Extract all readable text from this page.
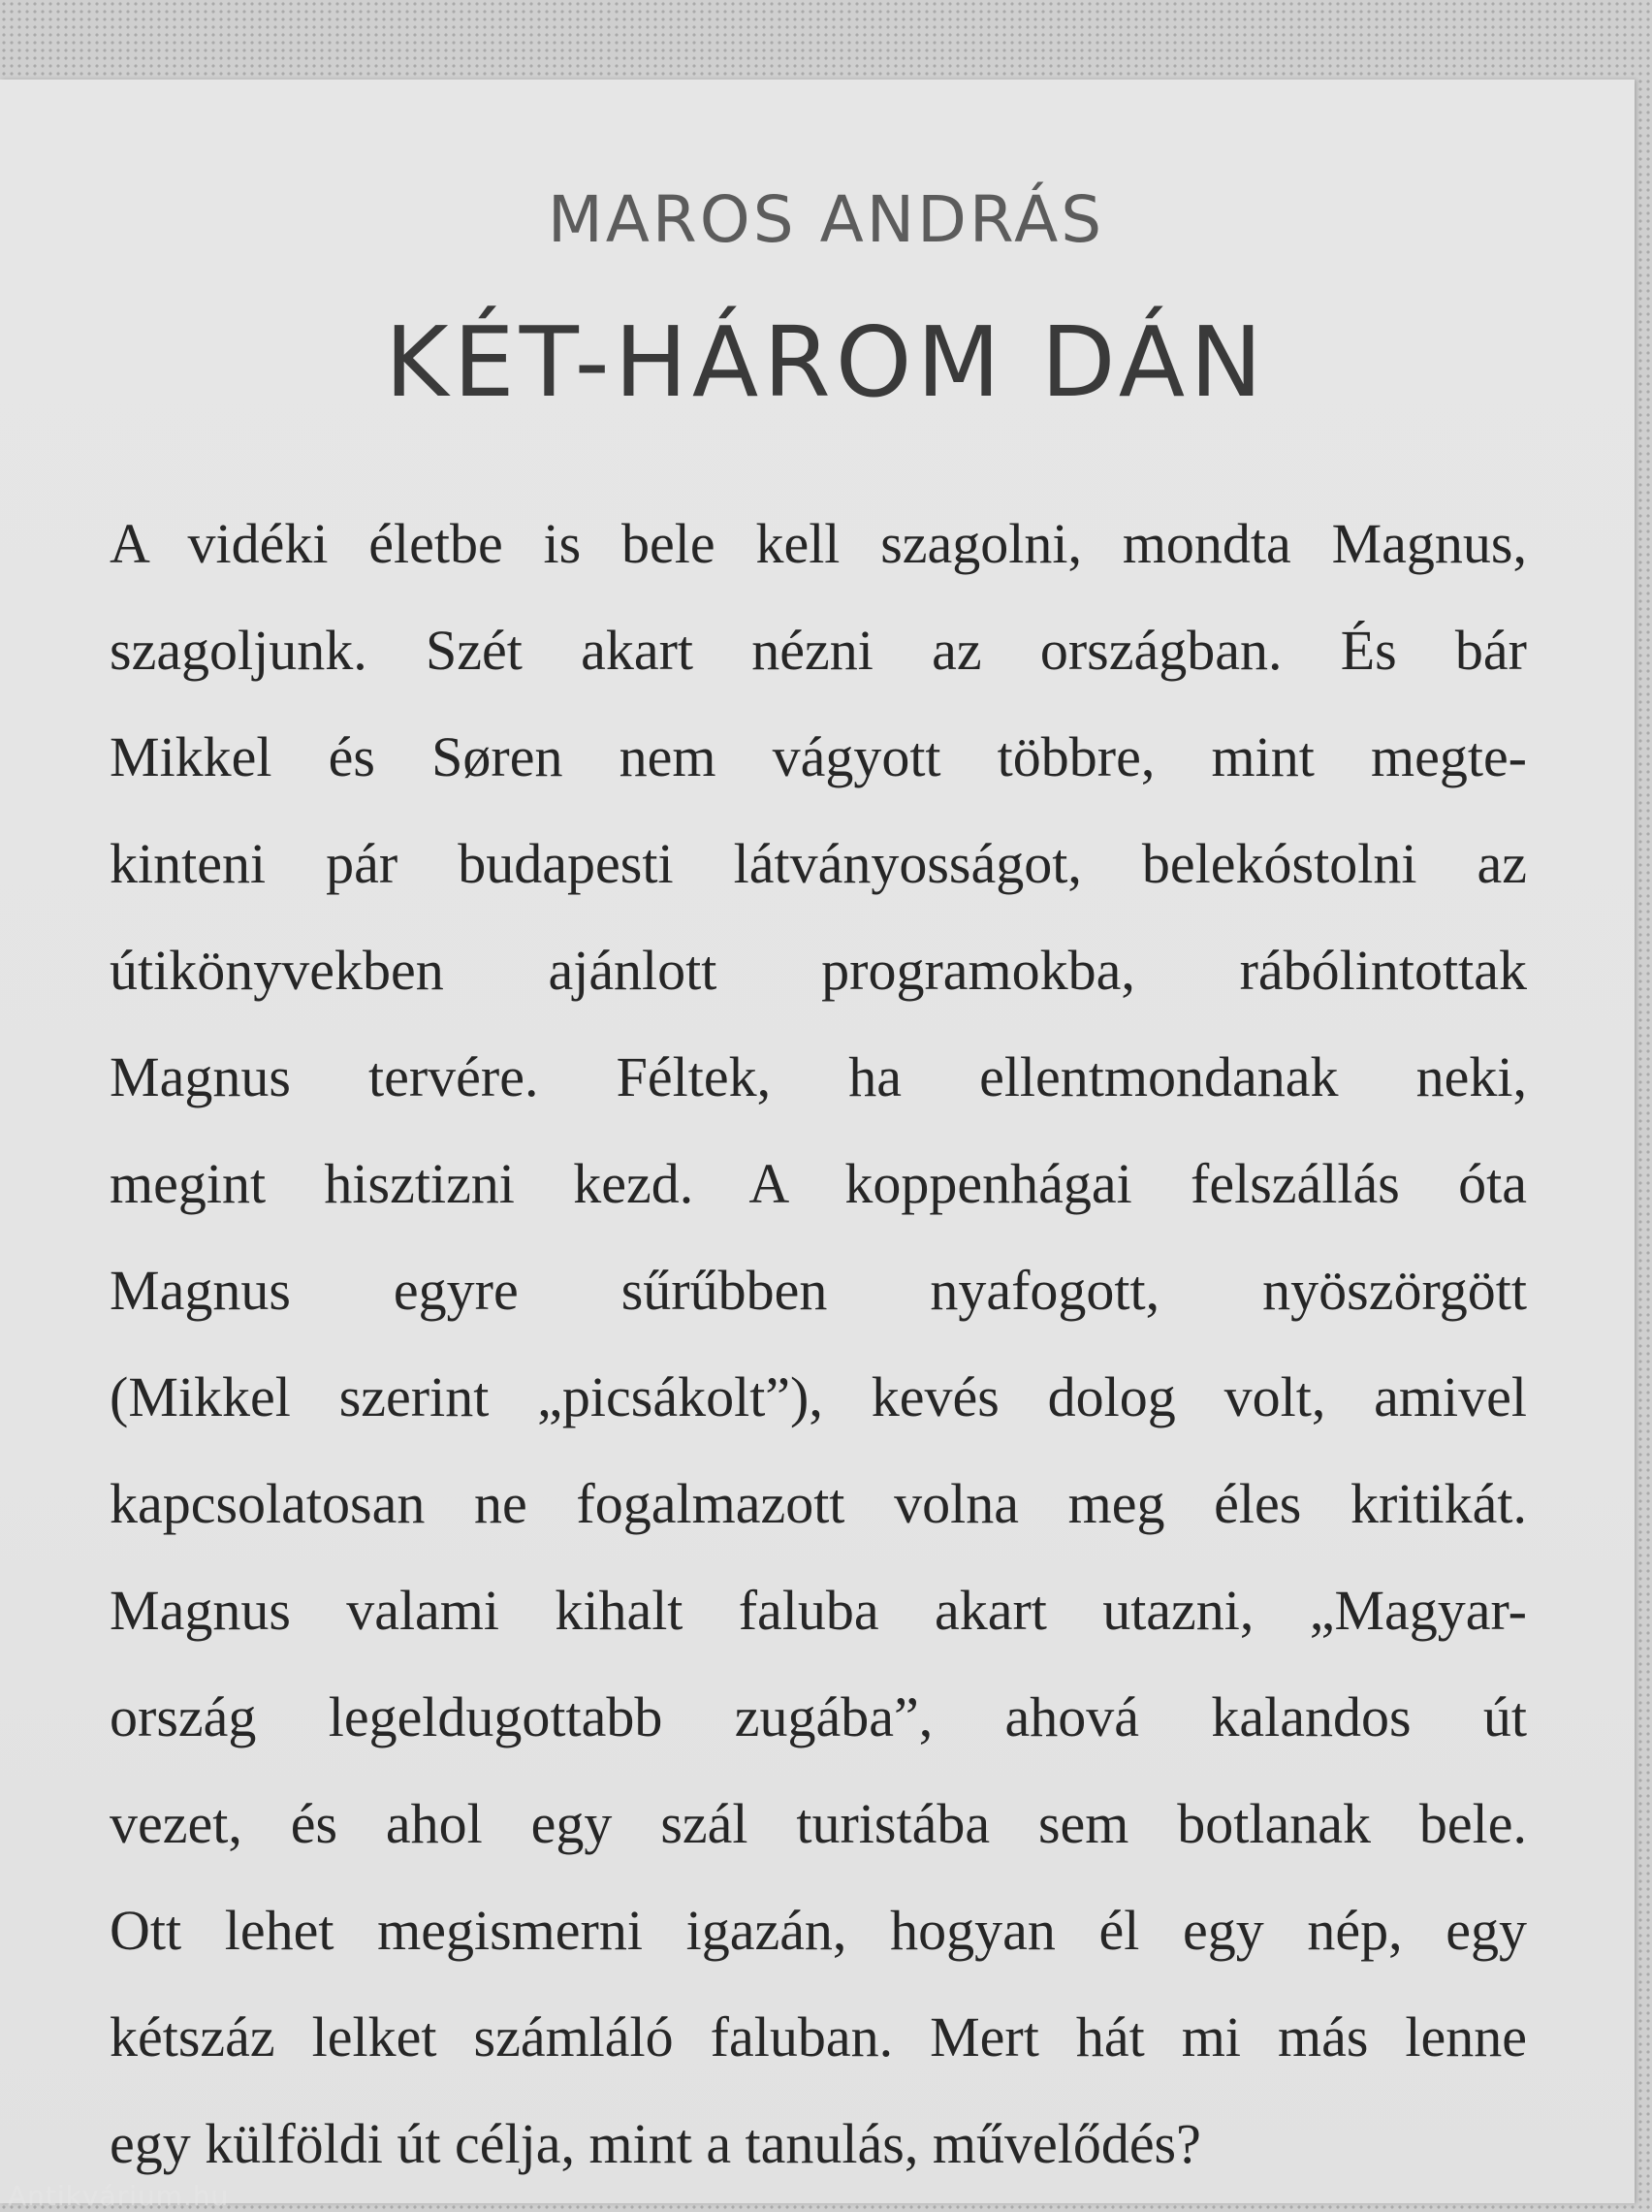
MAROS ANDRÁS
KÉT-HÁROM DÁN
A vidéki életbe is bele kell szagolni, mondta Magnus,
szagoljunk. Szét akart nézni az országban. És bár
Mikkel és Søren nem vágyott többre, mint megte-
kinteni pár budapesti látványosságot, belekóstolni az
útikönyvekben ajánlott programokba, rábólintottak
Magnus tervére. Féltek, ha ellentmondanak neki,
megint hisztizni kezd. A koppenhágai felszállás óta
Magnus egyre sűrűbben nyafogott, nyöszörgött
(Mikkel szerint „picsákolt”), kevés dolog volt, amivel
kapcsolatosan ne fogalmazott volna meg éles kritikát.
Magnus valami kihalt faluba akart utazni, „Magyar-
ország legeldugottabb zugába”, ahová kalandos út
vezet, és ahol egy szál turistába sem botlanak bele.
Ott lehet megismerni igazán, hogyan él egy nép, egy
kétszáz lelket számláló faluban. Mert hát mi más lenne
egy külföldi út célja, mint a tanulás, művelődés?
Antikvárium.hu
